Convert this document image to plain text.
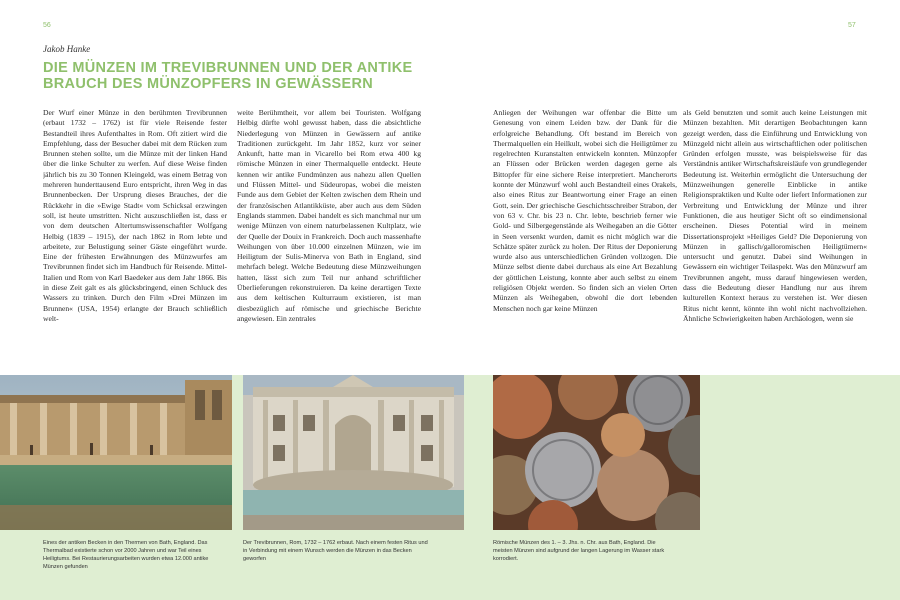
56
Jakob Hanke
DIE MÜNZEN IM TREVIBRUNNEN UND DER ANTIKE BRAUCH DES MÜNZOPFERS IN GEWÄSSERN

Der Wurf einer Münze in den berühmten Trevibrunnen (erbaut 1732 – 1762) ist für viele Reisende fester Bestandteil ihres Aufenthaltes in Rom. Oft zitiert wird die Empfehlung, dass der Besucher dabei mit dem Rücken zum Brunnen stehen sollte, um die Münze mit der linken Hand über die linke Schulter zu werfen. Auf diese Weise finden jährlich bis zu 30 Tonnen Kleingeld, was einem Betrag von mehreren hunderttausend Euro entspricht, ihren Weg in das Brunnenbecken. Der Ursprung dieses Brauches, der die Rückkehr in die »Ewige Stadt« vom Schicksal erzwingen soll, ist heute umstritten. Nicht auszuschließen ist, dass er von dem deutschen Altertumswissenschaftler Wolfgang Helbig (1839 – 1915), der nach 1862 in Rom lebte und arbeitete, zur Belustigung seiner Gäste eingeführt wurde. Eine der frühesten Erwähnungen des Münzwurfes am Trevibrunnen findet sich im Handbuch für Reisende. Mittel-Italien und Rom von Karl Baedeker aus dem Jahr 1866. Bis in diese Zeit galt es als glücksbringend, einen Schluck des Wassers zu trinken. Durch den Film »Drei Münzen im Brunnen« (USA, 1954) erlangte der Brauch schließlich welt-

weite Berühmtheit, vor allem bei Touristen. Wolfgang Helbig dürfte wohl gewusst haben, dass die absichtliche Niederlegung von Münzen in Gewässern auf antike Traditionen zurückgeht. Im Jahr 1852, kurz vor seiner Ankunft, hatte man in Vicarello bei Rom etwa 400 kg römische Münzen in einer Thermalquelle entdeckt. Heute kennen wir antike Fundmünzen aus nahezu allen Quellen und Flüssen Mittel- und Südeuropas, wobei die meisten Funde aus dem Gebiet der Kelten zwischen dem Rhein und der französischen Atlantikküste, aber auch aus dem Süden Englands stammen. Dabei handelt es sich manchmal nur um wenige Münzen von einem naturbelassenen Kultplatz, wie der Quelle der Douix in Frankreich. Doch auch massenhafte Weihungen von über 10.000 einzelnen Münzen, wie im Heiligtum der Sulis-Minerva von Bath in England, sind mehrfach belegt. Welche Bedeutung diese Münzweihungen hatten, lässt sich zum Teil nur anhand schriftlicher Überlieferungen rekonstruieren. Da keine derartigen Texte aus dem keltischen Kulturraum existieren, ist man diesbezüglich auf römische und griechische Berichte angewiesen. Ein zentrales

57

Anliegen der Weihungen war offenbar die Bitte um Genesung von einem Leiden bzw. der Dank für die erfolgreiche Behandlung. Oft bestand im Bereich von Thermalquellen ein Heilkult, wobei sich die Heiligtümer zu regelrechten Kuranstalten entwickeln konnten. Münzopfer an Flüssen oder Brücken werden dagegen gerne als Bittopfer für eine sichere Reise interpretiert. Mancherorts konnte der Münzwurf wohl auch Bestandteil eines Orakels, also eines Ritus zur Beantwortung einer Frage an einen Gott, sein. Der griechische Geschichtsschreiber Strabon, der von 63 v. Chr. bis 23 n. Chr. lebte, beschrieb ferner wie Gold- und Silbergegenstände als Weihegaben an die Götter in Seen versenkt wurden, damit es nicht möglich war die Schätze später zurück zu holen. Der Ritus der Deponierung wurde also aus unterschiedlichen Gründen vollzogen. Die Münze selbst diente dabei durchaus als eine Art Bezahlung der göttlichen Leistung, konnte aber auch selbst zu einem religiösen Objekt werden. So finden sich an vielen Orten Münzen als Weihegaben, obwohl die dort lebenden Menschen noch gar keine Münzen

als Geld benutzten und somit auch keine Leistungen mit Münzen bezahlten. Mit derartigen Beobachtungen kann gezeigt werden, dass die Einführung und Entwicklung von Münzgeld nicht allein aus wirtschaftlichen oder politischen Gründen erfolgen musste, was beispielsweise für das Verständnis antiker Wirtschaftskreisläufe von grundlegender Bedeutung ist. Weiterhin ermöglicht die Untersuchung der Münzweihungen generelle Einblicke in antike Religionspraktiken und Kulte oder liefert Informationen zur Verbreitung und Entwicklung der Münze und ihrer Funktionen, die aus heutiger Sicht oft so eindimensional erscheinen. Dieses Potential wird in meinem Dissertationsprojekt »Heiliges Geld? Die Deponierung von Münzen in gallisch/galloromischen Heiligtümern« untersucht und genutzt. Dabei sind Weihungen in Gewässern ein wichtiger Teilaspekt. Was den Münzwurf am Trevibrunnen angeht, muss darauf hingewiesen werden, dass die Bedeutung dieser Handlung nur aus ihrem kulturellen Kontext heraus zu verstehen ist. Wer diesen Ritus nicht kennt, könnte ihn wohl nicht nachvollziehen. Ähnliche Schwierigkeiten haben Archäologen, wenn sie

Eines der antiken Becken in den Thermen von Bath, England. Das Thermalbad existierte schon vor 2000 Jahren und war Teil eines Heiligtums. Bei Restaurierungsarbeiten wurden etwa 12.000 antike Münzen gefunden
Der Trevibrunnen, Rom, 1732 – 1762 erbaut. Nach einem festen Ritus und in Verbindung mit einem Wunsch werden die Münzen in das Becken geworfen
Römische Münzen des 1. – 3. Jhs. n. Chr. aus Bath, England. Die meisten Münzen sind aufgrund der langen Lagerung im Wasser stark korrodiert.
